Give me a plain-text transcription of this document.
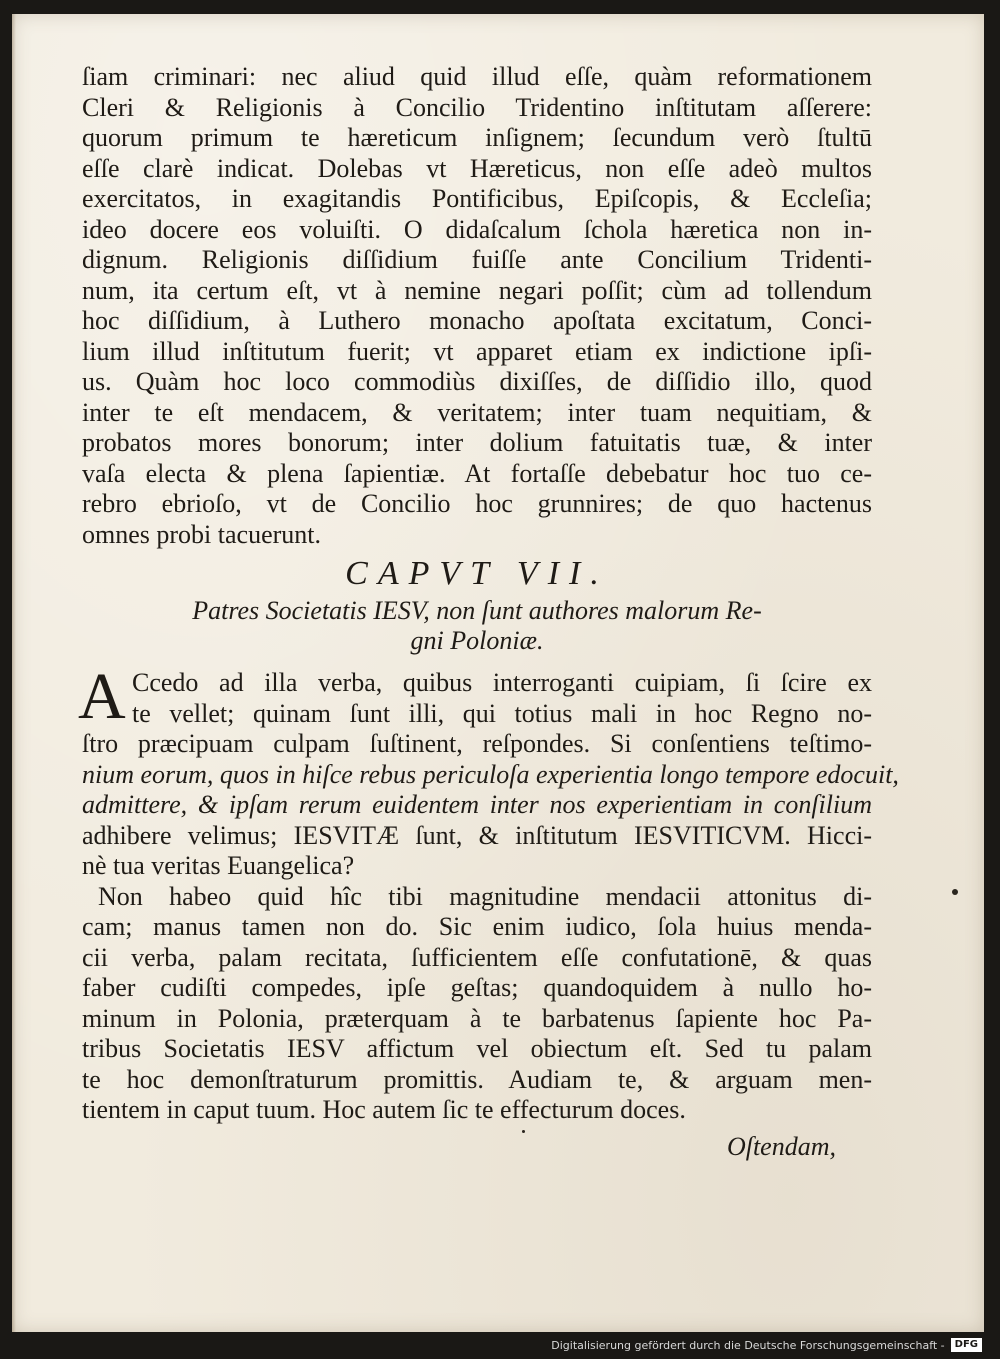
ſiam criminari: nec aliud quid illud eſſe, quàm reformationem
Cleri & Religionis à Concilio Tridentino inſtitutam aſſerere:
quorum primum te hæreticum inſignem; ſecundum verò ſtultū
eſſe clarè indicat. Dolebas vt Hæreticus, non eſſe adeò multos
exercitatos, in exagitandis Pontificibus, Epiſcopis, & Eccleſia;
ideo docere eos voluiſti. O didaſcalum ſchola hæretica non in-
dignum. Religionis diſſidium fuiſſe ante Concilium Tridenti-
num, ita certum eſt, vt à nemine negari poſſit; cùm ad tollendum
hoc diſſidium, à Luthero monacho apoſtata excitatum, Conci-
lium illud inſtitutum fuerit; vt apparet etiam ex indictione ipſi-
us. Quàm hoc loco commodiùs dixiſſes, de diſſidio illo, quod
inter te eſt mendacem, & veritatem; inter tuam nequitiam, &
probatos mores bonorum; inter dolium fatuitatis tuæ, & inter
vaſa electa & plena ſapientiæ. At fortaſſe debebatur hoc tuo ce-
rebro ebrioſo, vt de Concilio hoc grunnires; de quo hactenus
omnes probi tacuerunt.
CAPVT VII.
Patres Societatis IESV, non ſunt authores malorum Re-
gni Poloniæ.
A Ccedo ad illa verba, quibus interroganti cuipiam, ſi ſcire ex
te vellet; quinam ſunt illi, qui totius mali in hoc Regno no-
ſtro præcipuam culpam ſuſtinent, reſpondes. Si conſentiens teſtimo-
nium eorum, quos in hiſce rebus periculoſa experientia longo tempore edocuit,
admittere, & ipſam rerum euidentem inter nos experientiam in conſilium
adhibere velimus; IESVITÆ ſunt, & inſtitutum IESVITICVM. Hicci-
nè tua veritas Euangelica?
Non habeo quid hîc tibi magnitudine mendacii attonitus di-
cam; manus tamen non do. Sic enim iudico, ſola huius menda-
cii verba, palam recitata, ſufficientem eſſe confutationē, & quas
faber cudiſti compedes, ipſe geſtas; quandoquidem à nullo ho-
minum in Polonia, præterquam à te barbatenus ſapiente hoc Pa-
tribus Societatis IESV affictum vel obiectum eſt. Sed tu palam
te hoc demonſtraturum promittis. Audiam te, & arguam men-
tientem in caput tuum. Hoc autem ſic te effecturum doces.
Oſtendam,
Digitalisierung gefördert durch die Deutsche Forschungsgemeinschaft -	DFG
